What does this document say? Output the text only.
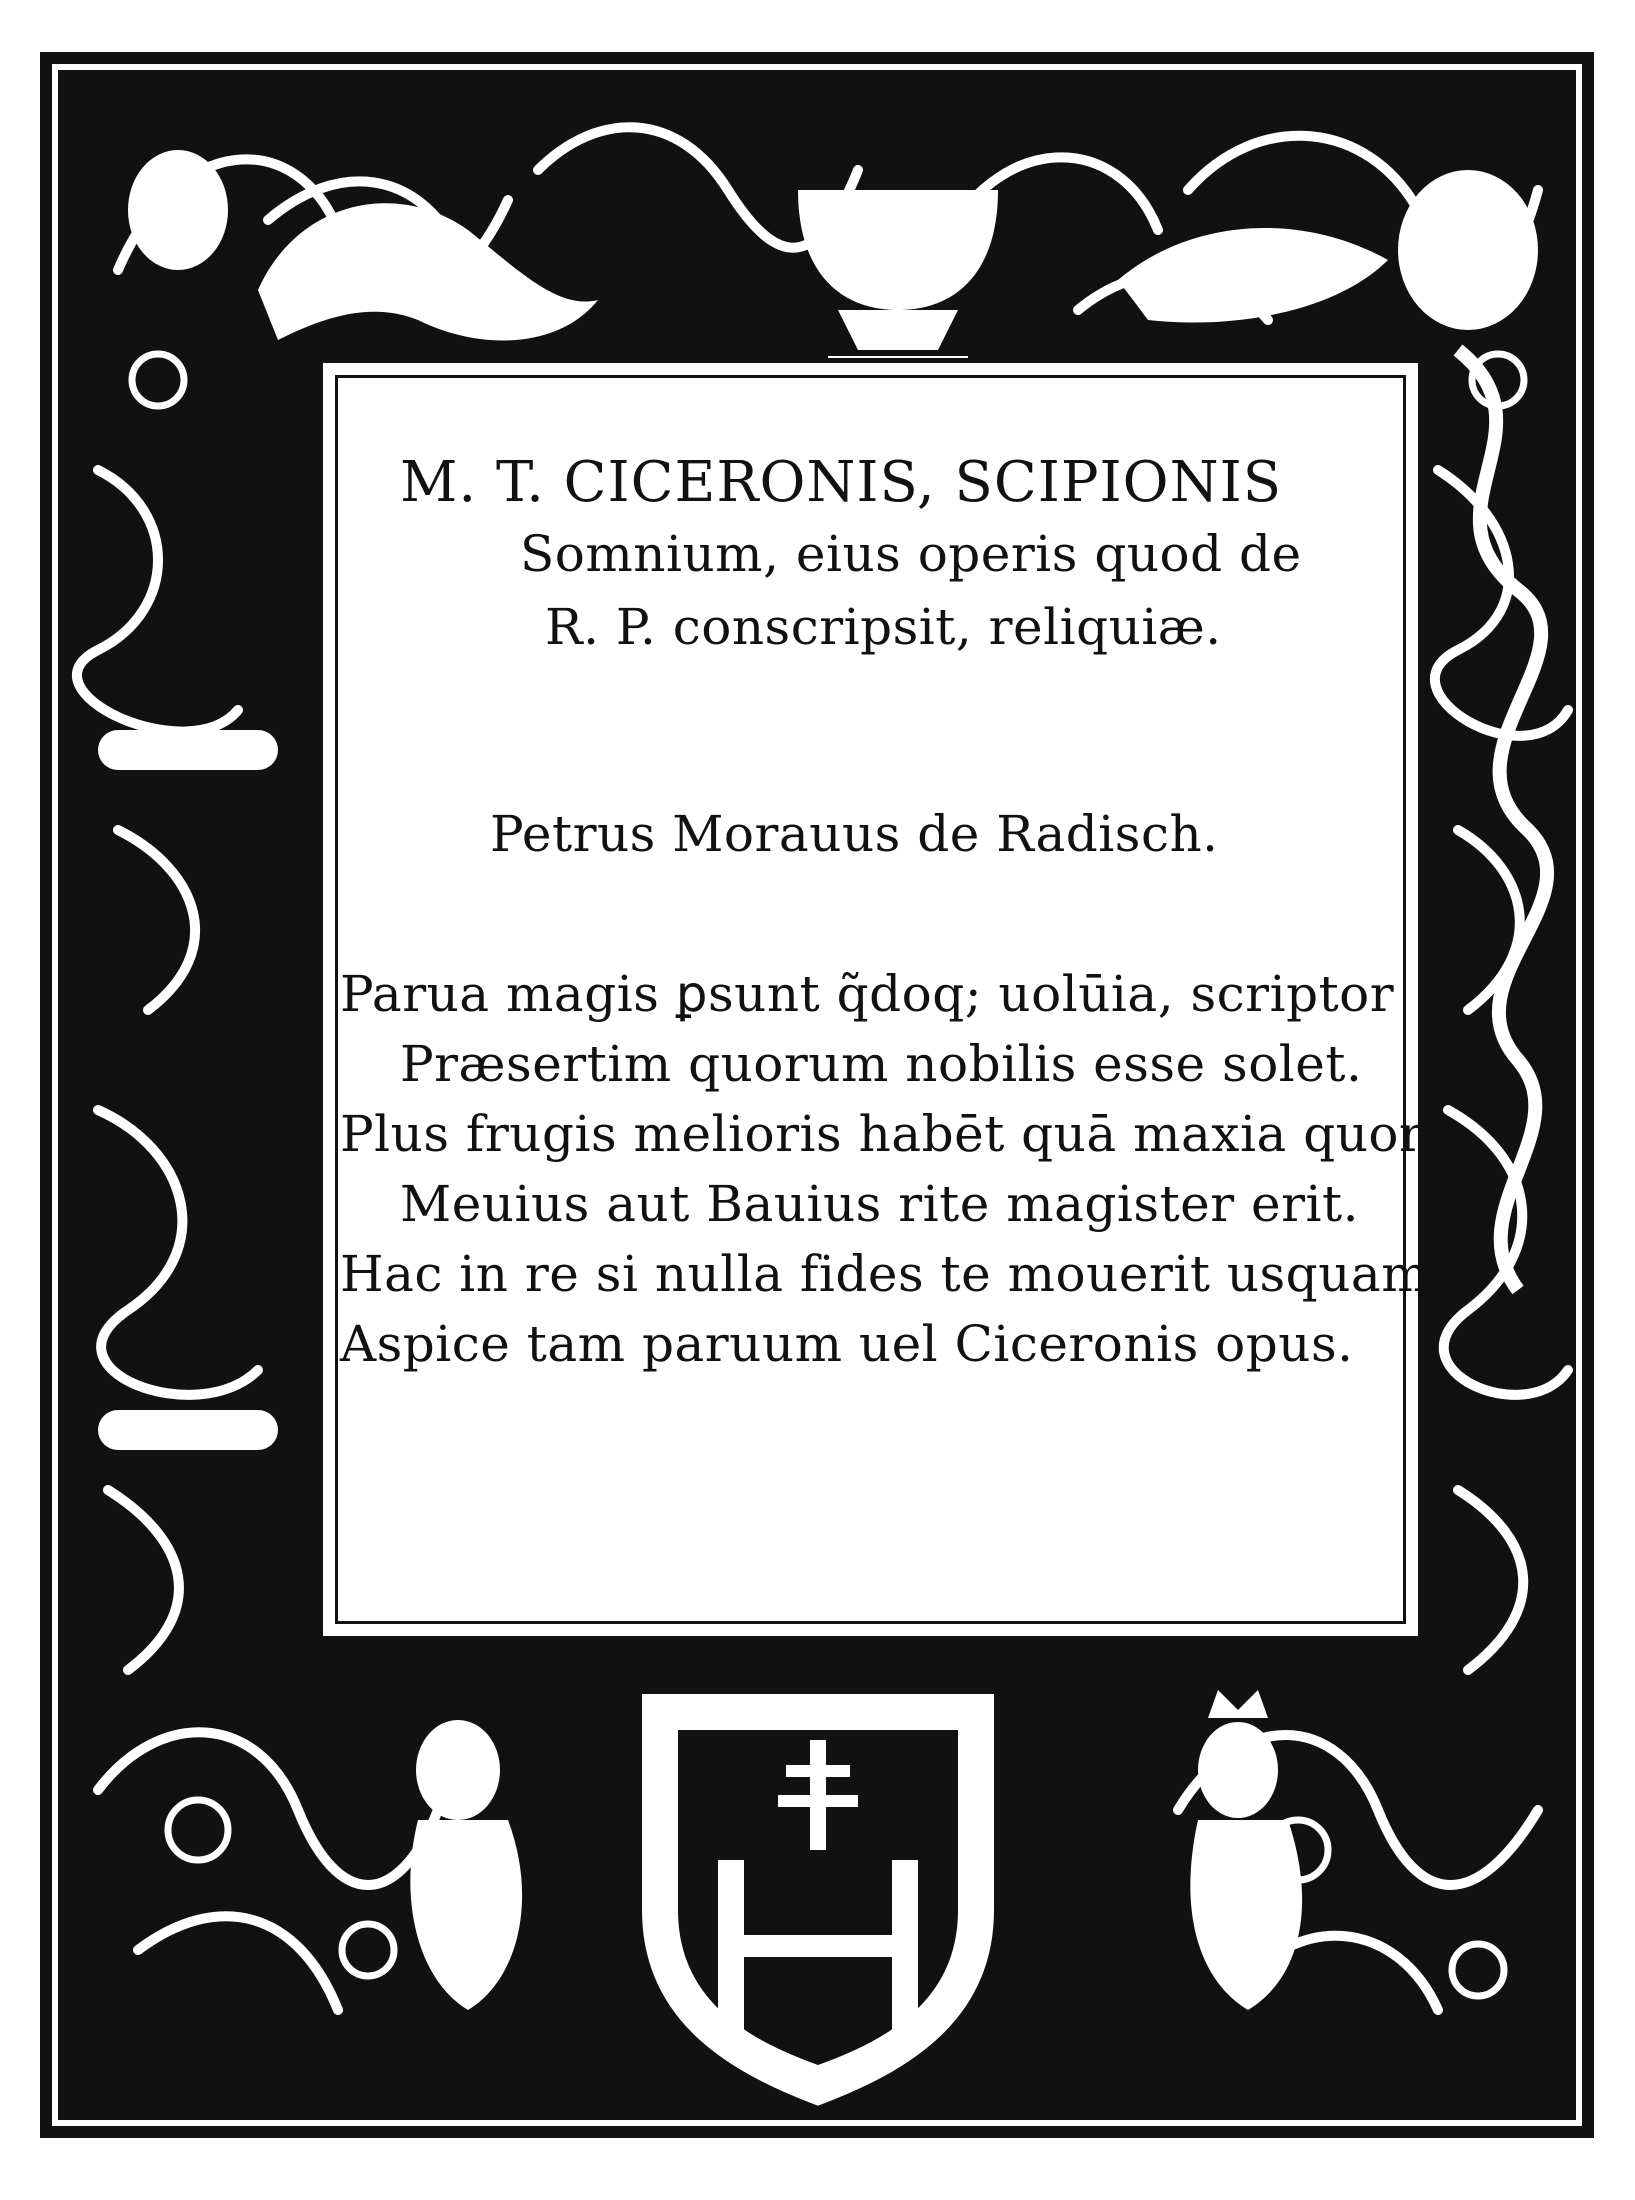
M. T. CICERONIS, SCIPIONIS
Somnium, eius operis quod de
R. P. conscripsit, reliquiæ.
Petrus Morauus de Radisch.
Parua magis ꝑsunt q̃doq; uolūia, scriptor
Præsertim quorum nobilis esse solet.
Plus frugis melioris habēt quā maxia quorū
Meuius aut Bauius rite magister erit.
Hac in re si nulla fides te mouerit usquam
Aspice tam paruum uel Ciceronis opus.
